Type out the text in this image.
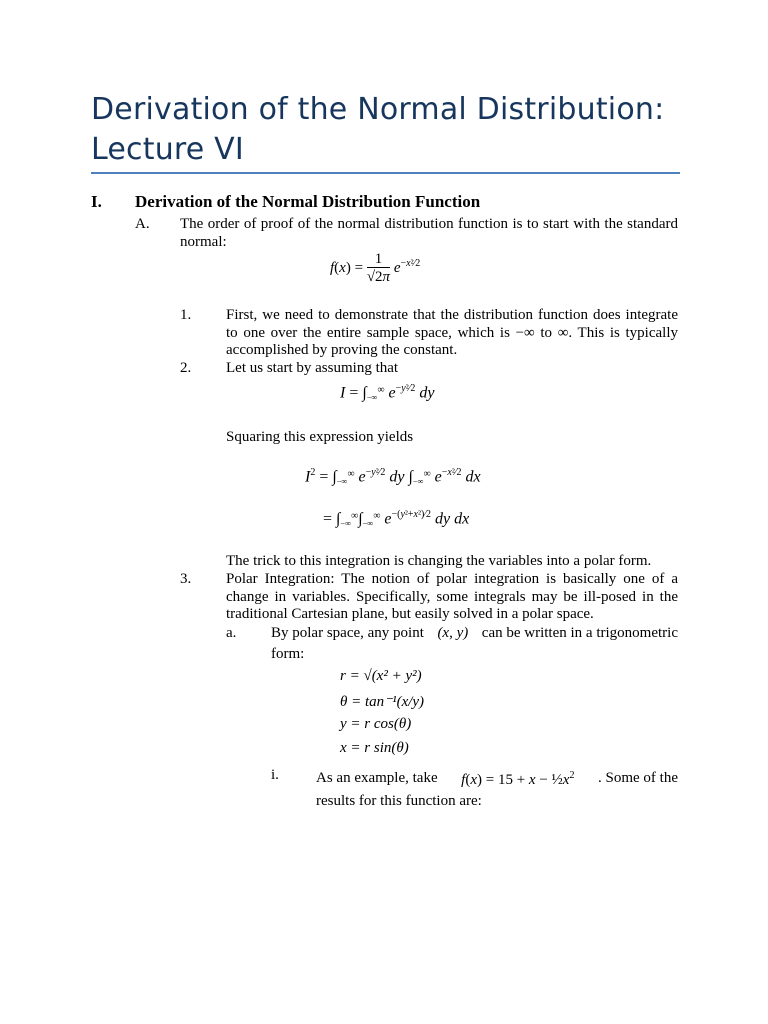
Derivation of the Normal Distribution:
Lecture VI
I. Derivation of the Normal Distribution Function
A. The order of proof of the normal distribution function is to start with the standard normal:
$f(x) = \frac{1}{√2\pi} e^{-x^2⁄2}$
1. First, we need to demonstrate that the distribution function does integrate to one over the entire sample space, which is −∞ to ∞. This is typically accomplished by proving the constant.
2. Let us start by assuming that
$I = \int_{-\infty}^\infty$ $e^{-y^2⁄2}$ dy
Squaring this expression yields
$I^2 = \int_{-\infty}^\infty$ $e^{-y^2⁄2}$ dy $\int_{-\infty}^\infty$ $e^{-x^2⁄2}$ dx
= $\int_{-\infty}^\infty\int_{-\infty}^\infty$ $e^{-(y^2+x^2)⁄2}$ dy dx
The trick to this integration is changing the variables into a polar form.
3. Polar Integration: The notion of polar integration is basically one of a change in variables. Specifically, some integrals may be ill-posed in the traditional Cartesian plane, but easily solved in a polar space.
a. By polar space, any point (x, y) can be written in a trigonometric
form:
r = √(x² + y²)
θ = tan⁻¹(x/y)
y = r cos(θ)
x = r sin(θ)
i. As an example, take $f(x) = 15 + x - \frac{1}{2}x^2$ . Some of the
results for this function are:
